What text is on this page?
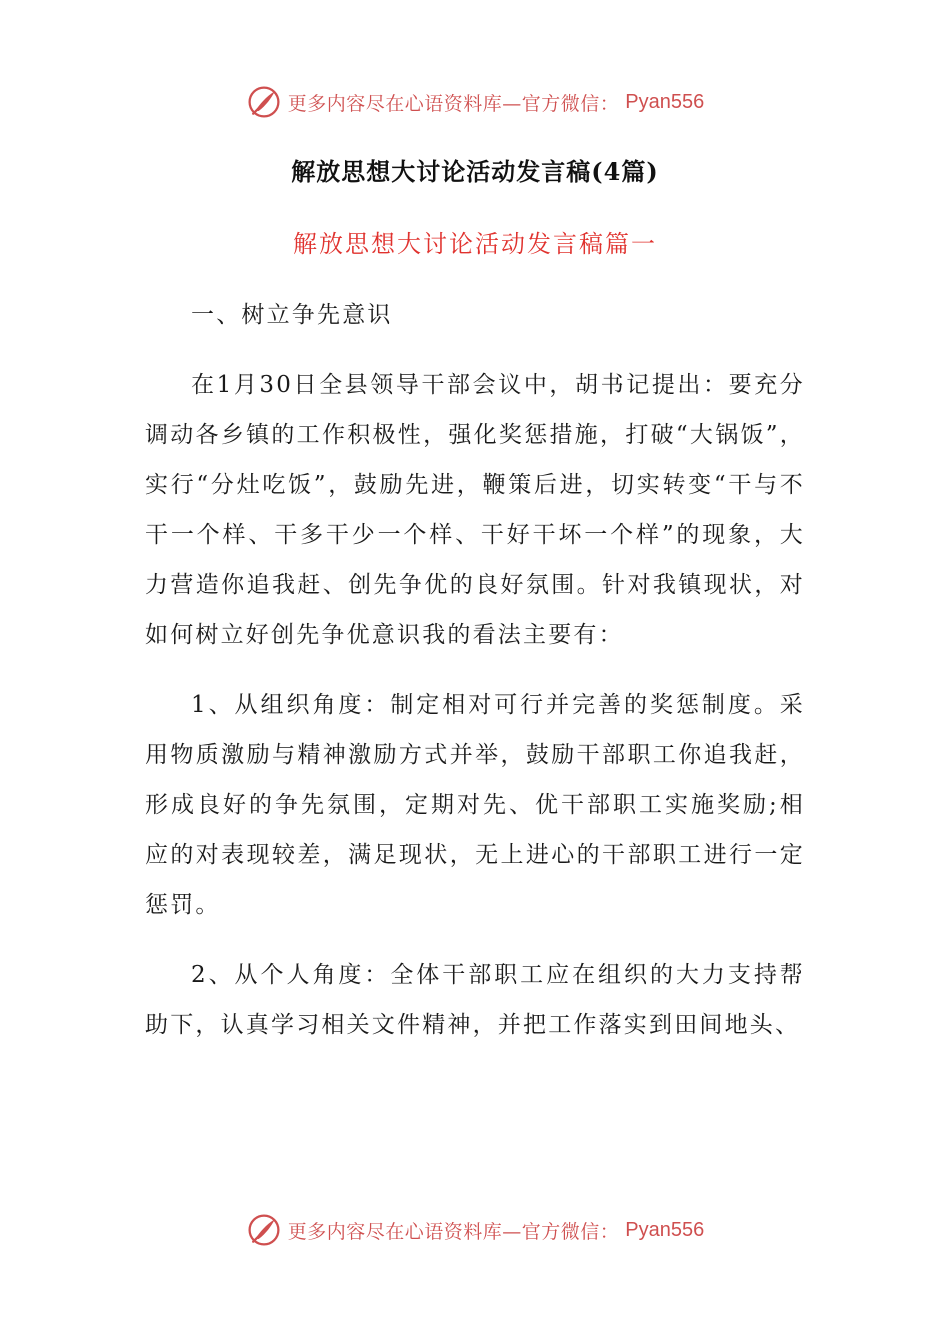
更多内容尽在心语资料库—官方微信： Pyan556
解放思想大讨论活动发言稿(4篇)
解放思想大讨论活动发言稿篇一

一、树立争先意识

在1月30日全县领导干部会议中，胡书记提出：要充分调动各乡镇的工作积极性，强化奖惩措施，打破“大锅饭”，实行“分灶吃饭”，鼓励先进，鞭策后进，切实转变“干与不干一个样、干多干少一个样、干好干坏一个样”的现象，大力营造你追我赶、创先争优的良好氛围。针对我镇现状，对如何树立好创先争优意识我的看法主要有：

1、从组织角度：制定相对可行并完善的奖惩制度。采用物质激励与精神激励方式并举，鼓励干部职工你追我赶，形成良好的争先氛围，定期对先、优干部职工实施奖励;相应的对表现较差，满足现状，无上进心的干部职工进行一定惩罚。

2、从个人角度：全体干部职工应在组织的大力支持帮助下，认真学习相关文件精神，并把工作落实到田间地头、

更多内容尽在心语资料库—官方微信： Pyan556
